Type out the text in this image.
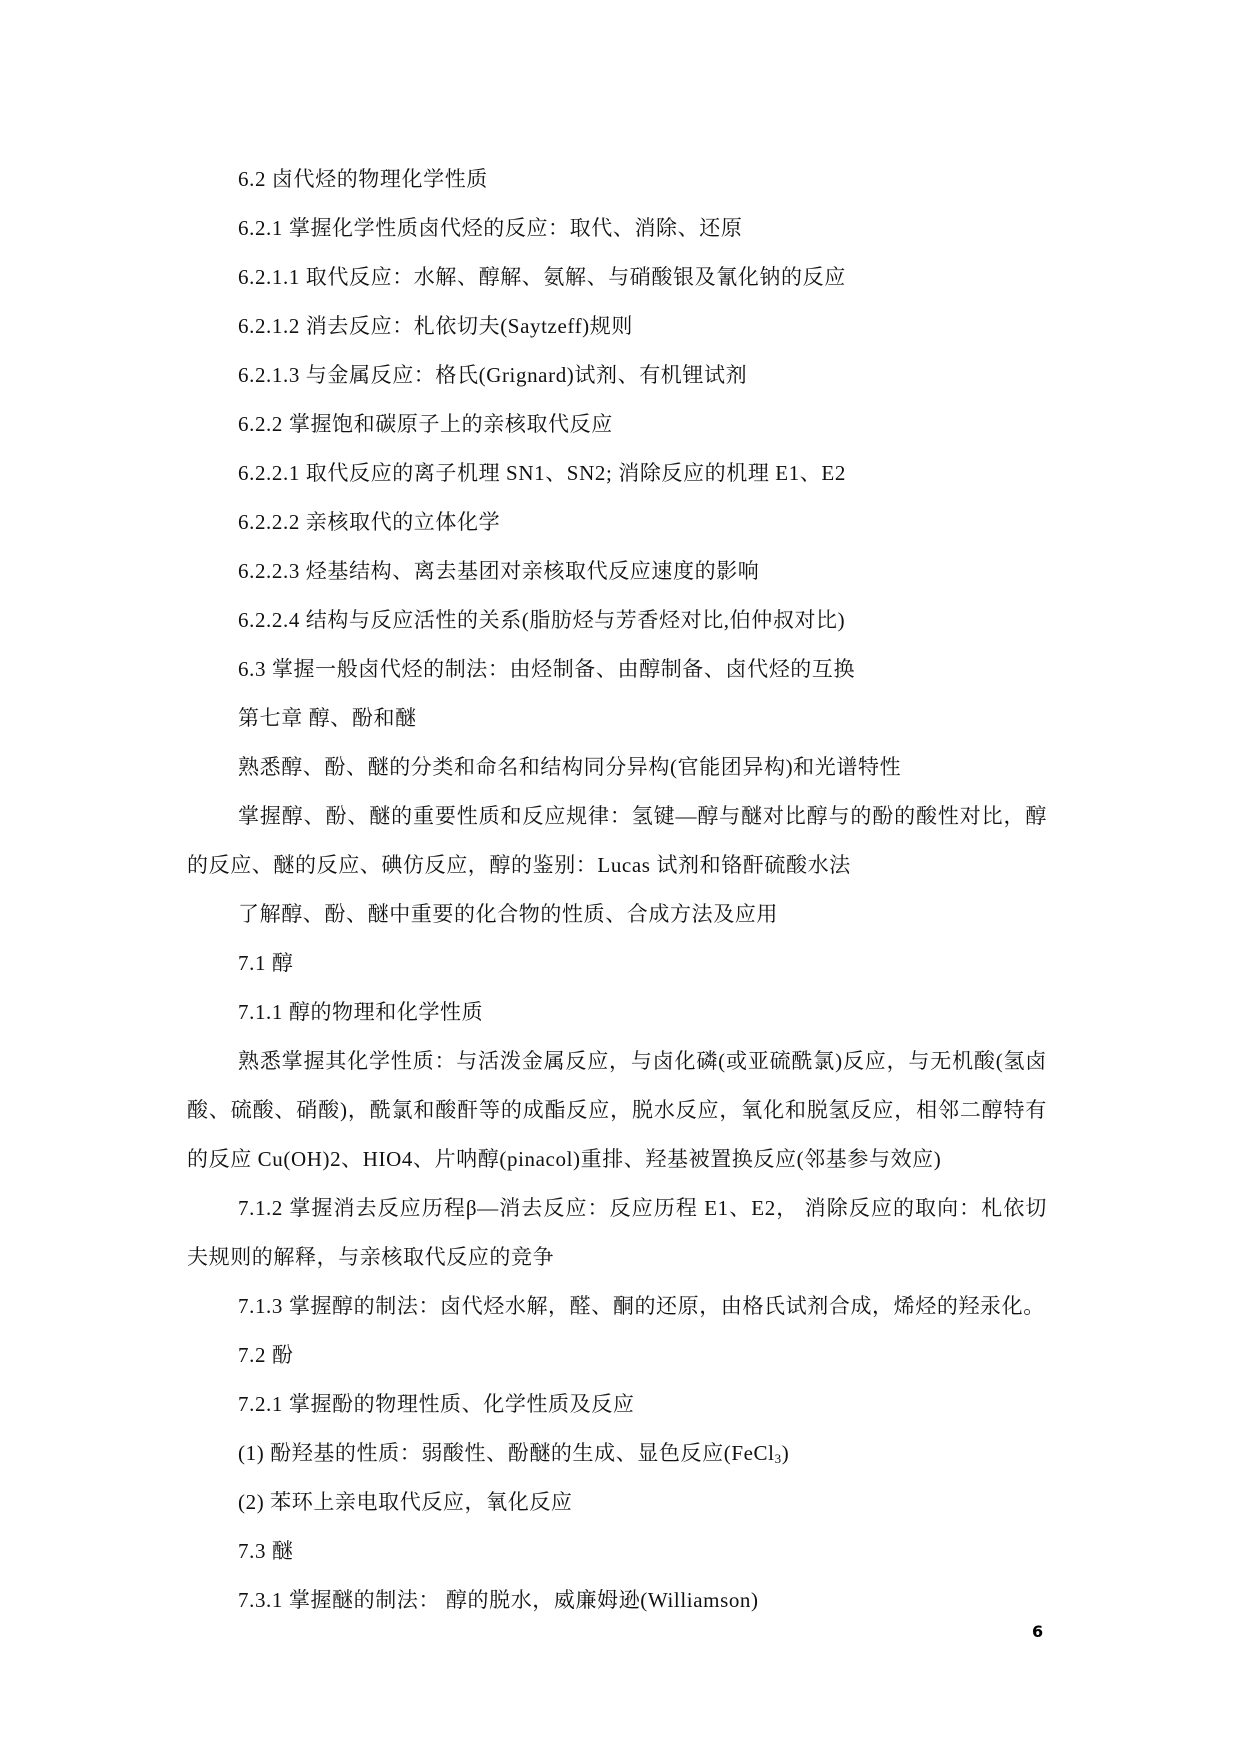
6.2 卤代烃的物理化学性质
6.2.1 掌握化学性质卤代烃的反应：取代、消除、还原
6.2.1.1 取代反应：水解、醇解、氨解、与硝酸银及氰化钠的反应
6.2.1.2 消去反应：札依切夫(Saytzeff)规则
6.2.1.3 与金属反应：格氏(Grignard)试剂、有机锂试剂
6.2.2 掌握饱和碳原子上的亲核取代反应
6.2.2.1 取代反应的离子机理 SN1、SN2; 消除反应的机理 E1、E2
6.2.2.2 亲核取代的立体化学
6.2.2.3 烃基结构、离去基团对亲核取代反应速度的影响
6.2.2.4 结构与反应活性的关系(脂肪烃与芳香烃对比,伯仲叔对比)
6.3 掌握一般卤代烃的制法：由烃制备、由醇制备、卤代烃的互换
第七章 醇、酚和醚
熟悉醇、酚、醚的分类和命名和结构同分异构(官能团异构)和光谱特性

掌握醇、酚、醚的重要性质和反应规律：氢键—醇与醚对比醇与的酚的酸性对比，醇的反应、醚的反应、碘仿反应，醇的鉴别：Lucas 试剂和铬酐硫酸水法

了解醇、酚、醚中重要的化合物的性质、合成方法及应用
7.1 醇
7.1.1 醇的物理和化学性质

熟悉掌握其化学性质：与活泼金属反应，与卤化磷(或亚硫酰氯)反应，与无机酸(氢卤酸、硫酸、硝酸)，酰氯和酸酐等的成酯反应，脱水反应，氧化和脱氢反应，相邻二醇特有的反应 Cu(OH)2、HIO4、片呐醇(pinacol)重排、羟基被置换反应(邻基参与效应)

7.1.2 掌握消去反应历程β—消去反应：反应历程 E1、E2， 消除反应的取向：札依切夫规则的解释，与亲核取代反应的竞争

7.1.3 掌握醇的制法：卤代烃水解，醛、酮的还原，由格氏试剂合成，烯烃的羟汞化。

7.2 酚
7.2.1 掌握酚的物理性质、化学性质及反应
(1) 酚羟基的性质：弱酸性、酚醚的生成、显色反应(FeCl$_3$)
(2) 苯环上亲电取代反应，氧化反应
7.3 醚
7.3.1 掌握醚的制法： 醇的脱水，威廉姆逊(Williamson)
6
